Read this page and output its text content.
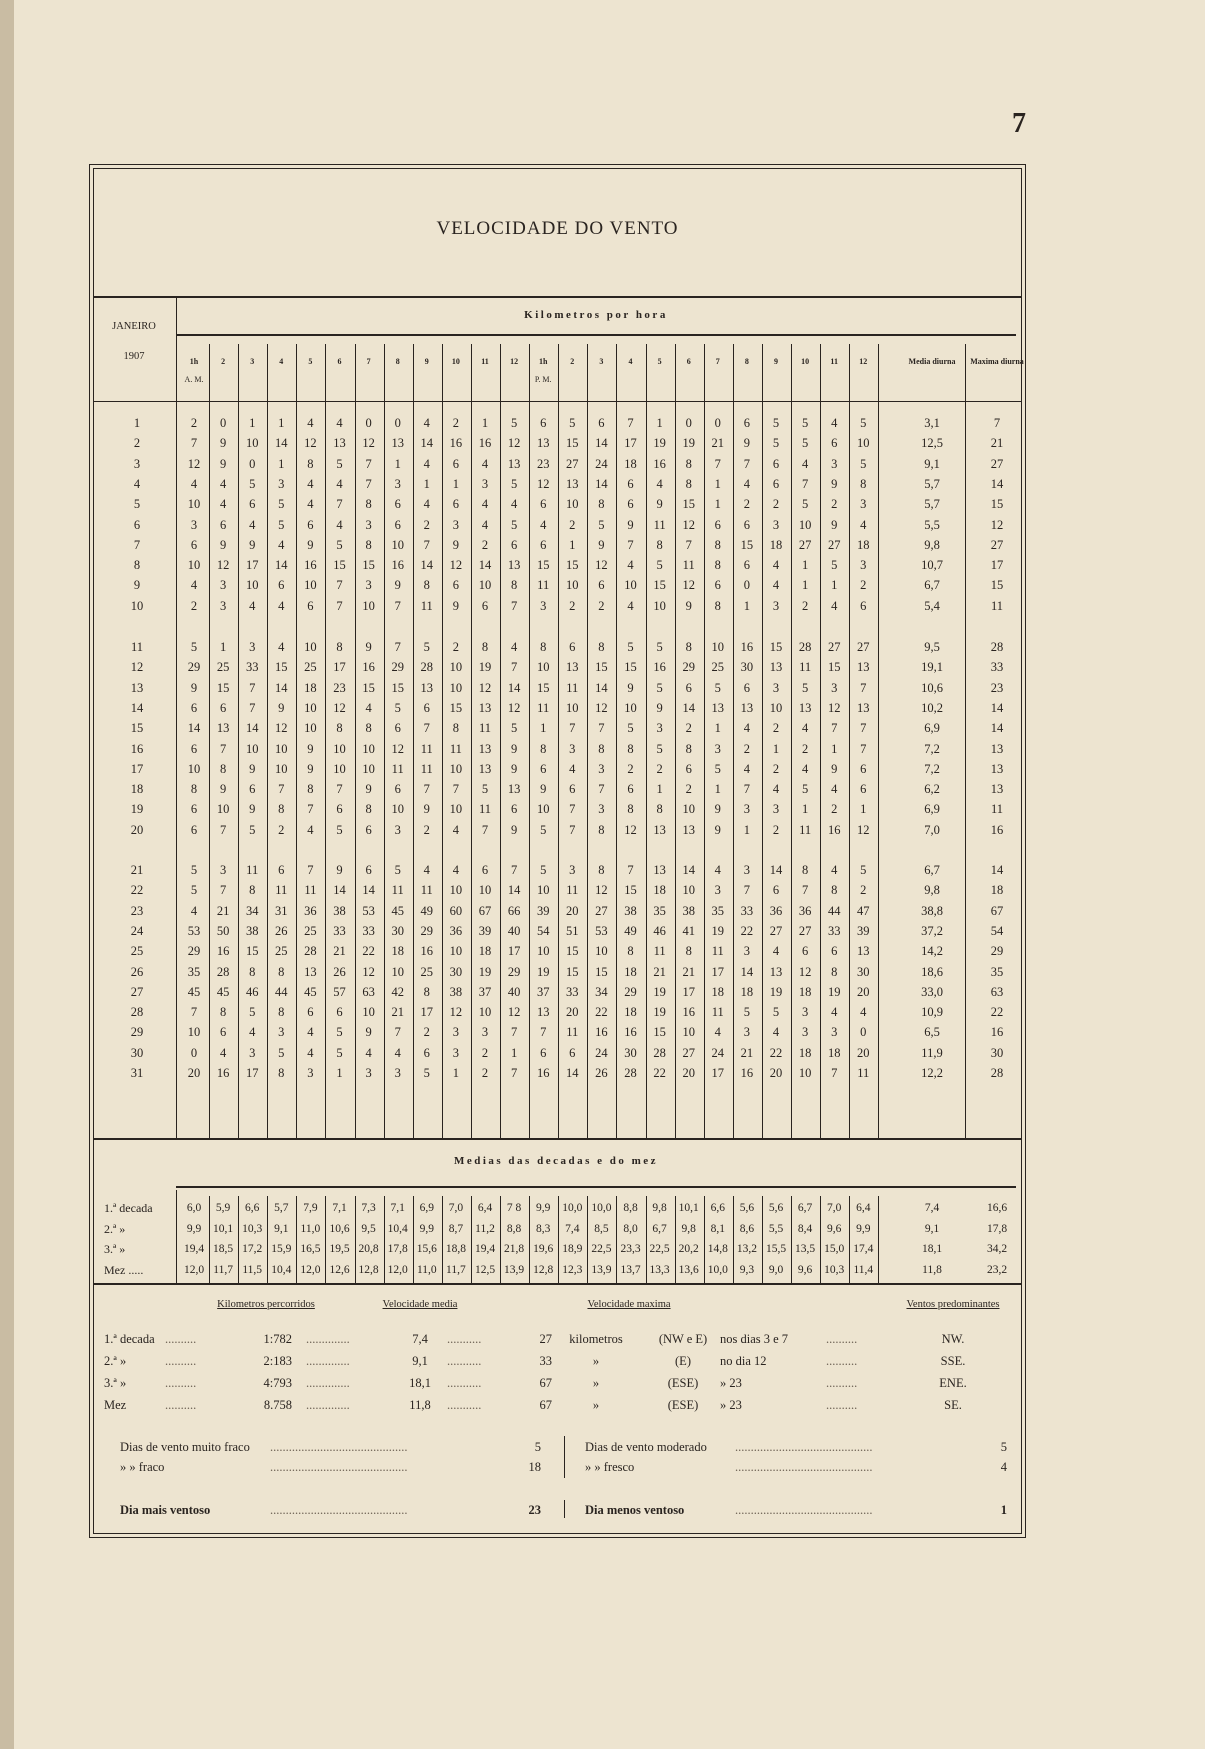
7
VELOCIDADE DO VENTO
JANEIRO
1907
Kilometros por hora
1h	2	3	4	5	6	7	8	9	10	11	12	1h	2	3	4	5	6	7	8	9	10	11	12
A. M.	P. M.
Media diurna	Maxima diurna
1	2 0 1 1 4 4 0 0 4 2 1 5 6 5 6 7 1 0 0 6 5 5 4 5	3,1	7
2	7 9 10 14 12 13 12 13 14 16 16 12 13 15 14 17 19 19 21 9 5 5 6 10	12,5	21
3	12 9 0 1 8 5 7 1 4 6 4 13 23 27 24 18 16 8 7 7 6 4 3 5	9,1	27
4	4 4 5 3 4 4 7 3 1 1 3 5 12 13 14 6 4 8 1 4 6 7 9 8	5,7	14
5	10 4 6 5 4 7 8 6 4 6 4 4 6 10 8 6 9 15 1 2 2 5 2 3	5,7	15
6	3 6 4 5 6 4 3 6 2 3 4 5 4 2 5 9 11 12 6 6 3 10 9 4	5,5	12
7	6 9 9 4 9 5 8 10 7 9 2 6 6 1 9 7 8 7 8 15 18 27 27 18	9,8	27
8	10 12 17 14 16 15 15 16 14 12 14 13 15 15 12 4 5 11 8 6 4 1 5 3	10,7	17
9	4 3 10 6 10 7 3 9 8 6 10 8 11 10 6 10 15 12 6 0 4 1 1 2	6,7	15
10	2 3 4 4 6 7 10 7 11 9 6 7 3 2 2 4 10 9 8 1 3 2 4 6	5,4	11
11	5 1 3 4 10 8 9 7 5 2 8 4 8 6 8 5 5 8 10 16 15 28 27 27	9,5	28
12	29 25 33 15 25 17 16 29 28 10 19 7 10 13 15 15 16 29 25 30 13 11 15 13	19,1	33
13	9 15 7 14 18 23 15 15 13 10 12 14 15 11 14 9 5 6 5 6 3 5 3 7	10,6	23
14	6 6 7 9 10 12 4 5 6 15 13 12 11 10 12 10 9 14 13 13 10 13 12 13	10,2	14
15	14 13 14 12 10 8 8 6 7 8 11 5 1 7 7 5 3 2 1 4 2 4 7 7	6,9	14
16	6 7 10 10 9 10 10 12 11 11 13 9 8 3 8 8 5 8 3 2 1 2 1 7	7,2	13
17	10 8 9 10 9 10 10 11 11 10 13 9 6 4 3 2 2 6 5 4 2 4 9 6	7,2	13
18	8 9 6 7 8 7 9 6 7 7 5 13 9 6 7 6 1 2 1 7 4 5 4 6	6,2	13
19	6 10 9 8 7 6 8 10 9 10 11 6 10 7 3 8 8 10 9 3 3 1 2 1	6,9	11
20	6 7 5 2 4 5 6 3 2 4 7 9 5 7 8 12 13 13 9 1 2 11 16 12	7,0	16
21	5 3 11 6 7 9 6 5 4 4 6 7 5 3 8 7 13 14 4 3 14 8 4 5	6,7	14
22	5 7 8 11 11 14 14 11 11 10 10 14 10 11 12 15 18 10 3 7 6 7 8 2	9,8	18
23	4 21 34 31 36 38 53 45 49 60 67 66 39 20 27 38 35 38 35 33 36 36 44 47	38,8	67
24	53 50 38 26 25 33 33 30 29 36 39 40 54 51 53 49 46 41 19 22 27 27 33 39	37,2	54
25	29 16 15 25 28 21 22 18 16 10 18 17 10 15 10 8 11 8 11 3 4 6 6 13	14,2	29
26	35 28 8 8 13 26 12 10 25 30 19 29 19 15 15 18 21 21 17 14 13 12 8 30	18,6	35
27	45 45 46 44 45 57 63 42 8 38 37 40 37 33 34 29 19 17 18 18 19 18 19 20	33,0	63
28	7 8 5 8 6 6 10 21 17 12 10 12 13 20 22 18 19 16 11 5 5 3 4 4	10,9	22
29	10 6 4 3 4 5 9 7 2 3 3 7 7 11 16 16 15 10 4 3 4 3 3 0	6,5	16
30	0 4 3 5 4 5 4 4 6 3 2 1 6 6 24 30 28 27 24 21 22 18 18 20	11,9	30
31	20 16 17 8 3 1 3 3 5 1 2 7 16 14 26 28 22 20 17 16 20 10 7 11	12,2	28
Medias das decadas e do mez
1.ª decada	6,0 5,9 6,6 5,7 7,9 7,1 7,3 7,1 6,9 7,0 6,4 7 8 9,9 10,0 10,0 8,8 9,8 10,1 6,6 5,6 5,6 6,7 7,0 6,4	7,4	16,6
2.ª »	9,9 10,1 10,3 9,1 11,0 10,6 9,5 10,4 9,9 8,7 11,2 8,8 8,3 7,4 8,5 8,0 6,7 9,8 8,1 8,6 5,5 8,4 9,6 9,9	9,1	17,8
3.ª »	19,4 18,5 17,2 15,9 16,5 19,5 20,8 17,8 15,6 18,8 19,4 21,8 19,6 18,9 22,5 23,3 22,5 20,2 14,8 13,2 15,5 13,5 15,0 17,4	18,1	34,2
Mez .....	12,0 11,7 11,5 10,4 12,0 12,6 12,8 12,0 11,0 11,7 12,5 13,9 12,8 12,3 13,9 13,7 13,3 13,6 10,0 9,3 9,0 9,6 10,3 11,4	11,8	23,2
Kilometros percorridos	Velocidade media	Velocidade maxima	Ventos predominantes
1.ª decada ..........	1:782 ..............	7,4 ...........	27 kilometros	(NW e E) nos dias 3 e 7	..........	NW.
2.ª »	..........	2:183 ..............	9,1 ...........	33	»	(E) no dia 12	..........	SSE.
3.ª »	..........	4:793 ..............	18,1 ...........	67	»	(ESE) » 23	..........	ENE.
Mez	..........	8.758 ..............	11,8 ...........	67	»	(ESE) » 23	..........	SE.
Dias de vento muito fraco ............................................	5
» » fraco	............................................	18
Dias de vento moderado ............................................	5
» » fresco	............................................	4
Dia mais ventoso	............................................	23	Dia menos ventoso	............................................	1
